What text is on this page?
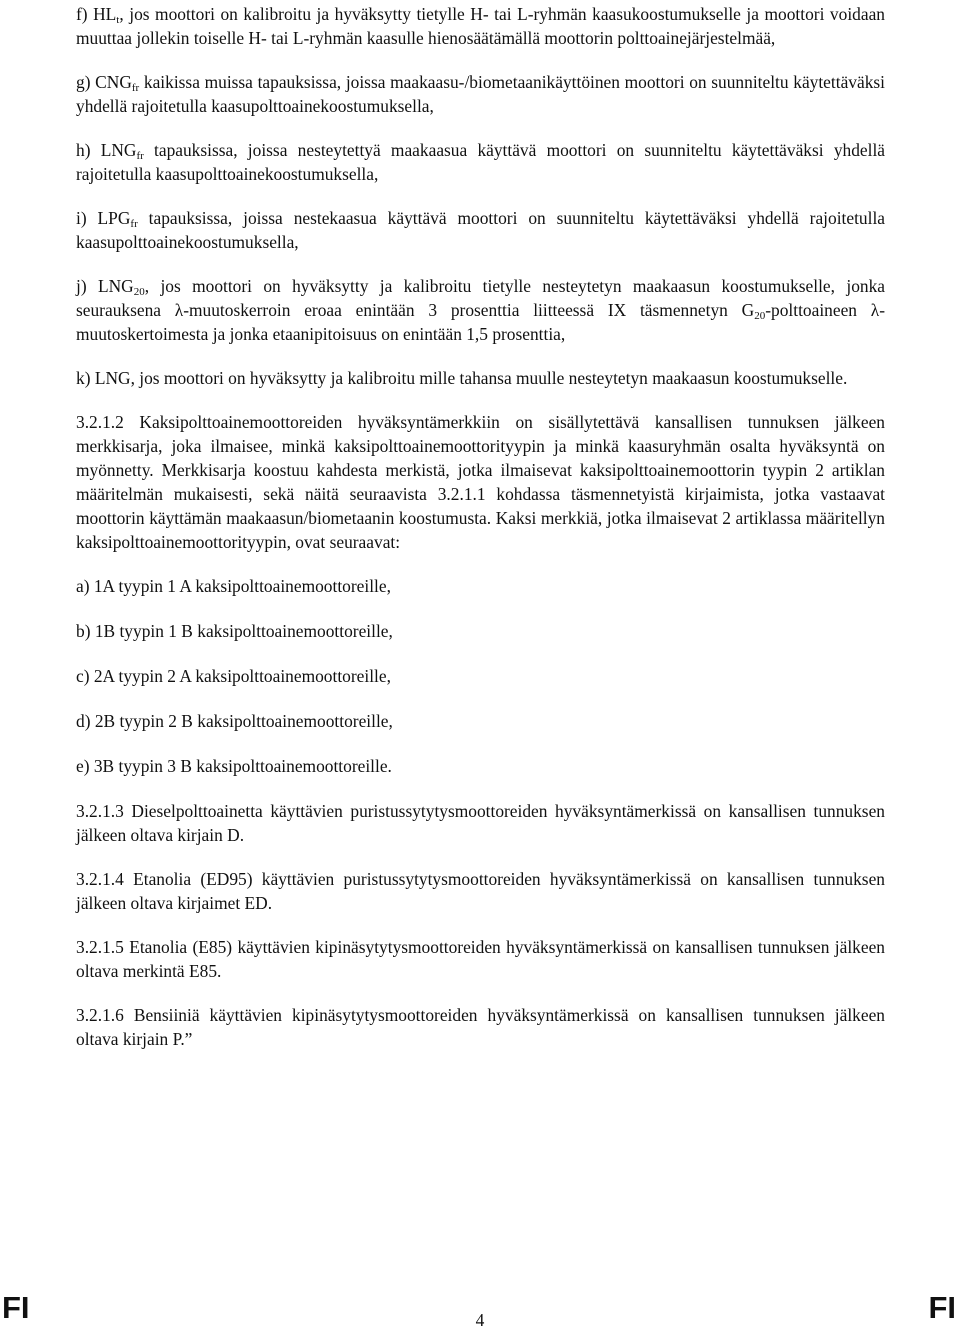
f) $HL_t$, jos moottori on kalibroitu ja hyväksytty tietylle H- tai L-ryhmän kaasukoostumukselle ja moottori voidaan muuttaa jollekin toiselle H- tai L-ryhmän kaasulle hienosäätämällä moottorin polttoainejärjestelmää,

g) $CNG_{fr}$ kaikissa muissa tapauksissa, joissa maakaasu-/biometaanikäyttöinen moottori on suunniteltu käytettäväksi yhdellä rajoitetulla kaasupolttoainekoostumuksella,

h) $LNG_{fr}$ tapauksissa, joissa nesteytettyä maakaasua käyttävä moottori on suunniteltu käytettäväksi yhdellä rajoitetulla kaasupolttoainekoostumuksella,

i) $LPG_{fr}$ tapauksissa, joissa nestekaasua käyttävä moottori on suunniteltu käytettäväksi yhdellä rajoitetulla kaasupolttoainekoostumuksella,

j) $LNG_{20}$, jos moottori on hyväksytty ja kalibroitu tietylle nesteytetyn maakaasun koostumukselle, jonka seurauksena λ-muutoskerroin eroaa enintään 3 prosenttia liitteessä IX täsmennetyn $G_{20}$-polttoaineen λ-muutoskertoimesta ja jonka etaanipitoisuus on enintään 1,5 prosenttia,

k) LNG, jos moottori on hyväksytty ja kalibroitu mille tahansa muulle nesteytetyn maakaasun koostumukselle.

3.2.1.2 Kaksipolttoainemoottoreiden hyväksyntämerkkiin on sisällytettävä kansallisen tunnuksen jälkeen merkkisarja, joka ilmaisee, minkä kaksipolttoainemoottorityypin ja minkä kaasuryhmän osalta hyväksyntä on myönnetty. Merkkisarja koostuu kahdesta merkistä, jotka ilmaisevat kaksipolttoainemoottorin tyypin 2 artiklan määritelmän mukaisesti, sekä näitä seuraavista 3.2.1.1 kohdassa täsmennetyistä kirjaimista, jotka vastaavat moottorin käyttämän maakaasun/biometaanin koostumusta. Kaksi merkkiä, jotka ilmaisevat 2 artiklassa määritellyn kaksipolttoainemoottorityypin, ovat seuraavat:

a) 1A tyypin 1 A kaksipolttoainemoottoreille,

b) 1B tyypin 1 B kaksipolttoainemoottoreille,

c) 2A tyypin 2 A kaksipolttoainemoottoreille,

d) 2B tyypin 2 B kaksipolttoainemoottoreille,

e) 3B tyypin 3 B kaksipolttoainemoottoreille.

3.2.1.3 Dieselpolttoainetta käyttävien puristussytytysmoottoreiden hyväksyntämerkissä on kansallisen tunnuksen jälkeen oltava kirjain D.

3.2.1.4 Etanolia (ED95) käyttävien puristussytytysmoottoreiden hyväksyntämerkissä on kansallisen tunnuksen jälkeen oltava kirjaimet ED.

3.2.1.5 Etanolia (E85) käyttävien kipinäsytytysmoottoreiden hyväksyntämerkissä on kansallisen tunnuksen jälkeen oltava merkintä E85.

3.2.1.6 Bensiiniä käyttävien kipinäsytytysmoottoreiden hyväksyntämerkissä on kansallisen tunnuksen jälkeen oltava kirjain P.”

FI	4	FI
